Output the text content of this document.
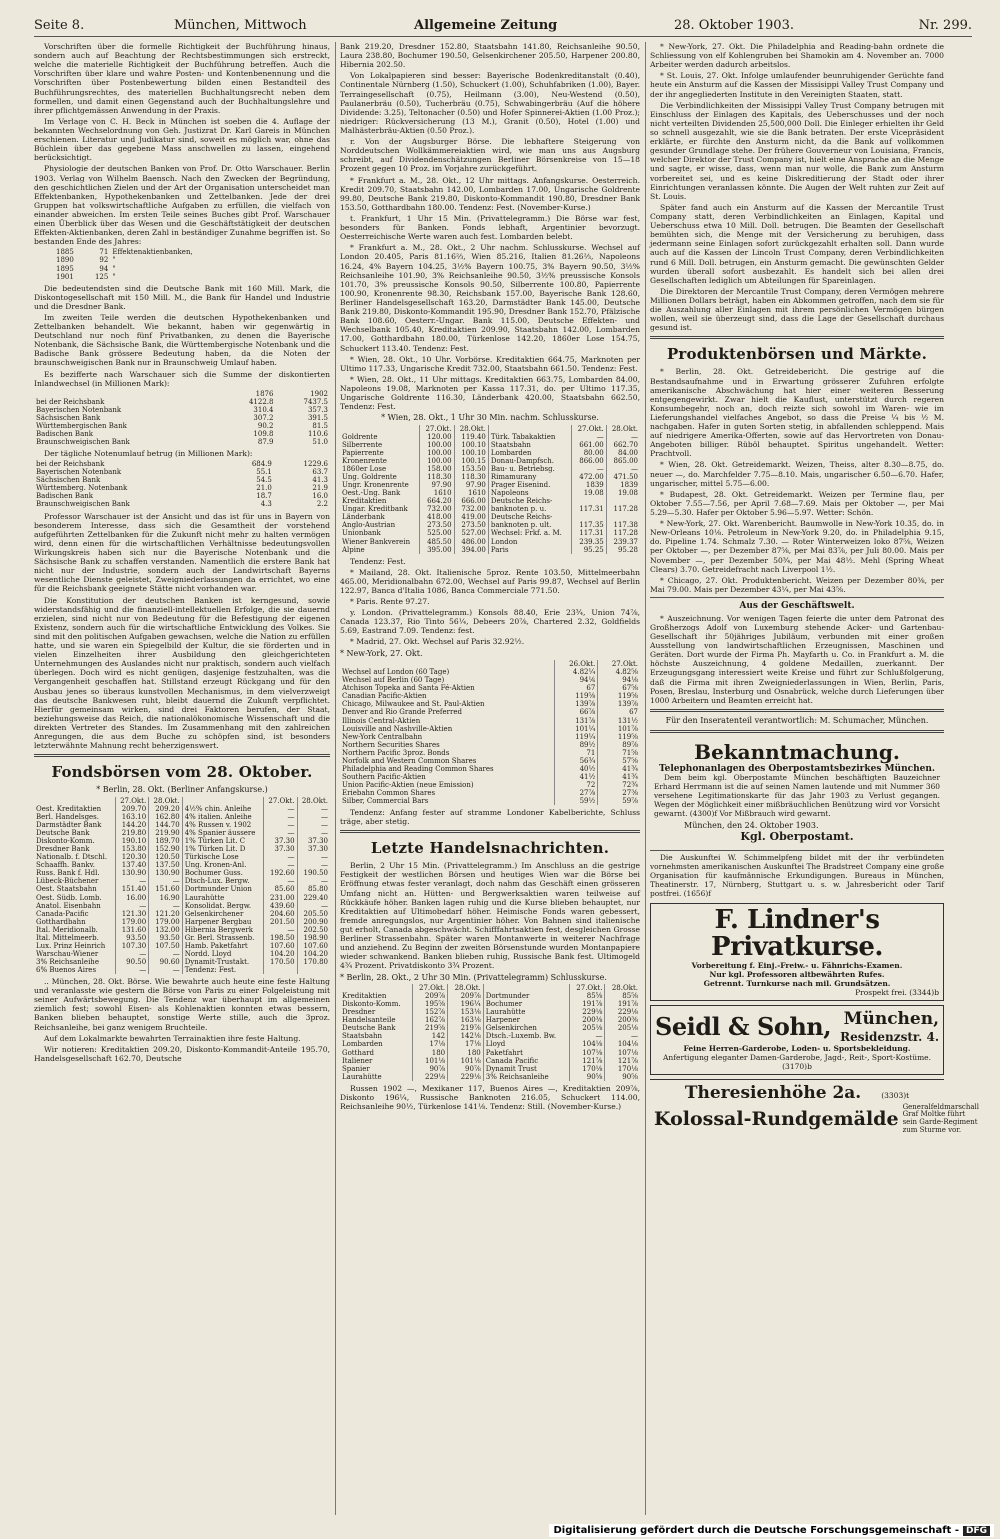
Seite 8.	München, Mittwoch	Allgemeine Zeitung	28. Oktober 1903.	Nr. 299.

Vorschriften über die formelle Richtigkeit der Buchführung hinaus, sondern auch auf Beachtung der Rechtsbestimmungen sich erstreckt, welche die materielle Richtigkeit der Buchführung betreffen. Auch die Vorschriften über klare und wahre Posten- und Kontenbenennung und die Vorschriften über Postenbewertung bilden einen Bestandteil des Buchführungsrechtes, des materiellen Buchhaltungsrecht neben dem formellen, und damit einen Gegenstand auch der Buchhaltungslehre und ihrer pflichtgemässen Anwendung in der Praxis.

Im Verlage von C. H. Beck in München ist soeben die 4. Auflage der bekannten Wechselordnung von Geh. Justizrat Dr. Karl Gareis in München erschienen. Literatur und Judikatur sind, soweit es möglich war, ohne das Büchlein über das gegebene Mass anschwellen zu lassen, eingehend berücksichtigt.

Physiologie der deutschen Banken von Prof. Dr. Otto Warschauer. Berlin 1903. Verlag von Wilhelm Baensch. Nach den Zwecken der Begründung, den geschichtlichen Zielen und der Art der Organisation unterscheidet man Effektenbanken, Hypothekenbanken und Zettelbanken. Jede der drei Gruppen hat volkswirtschaftliche Aufgaben zu erfüllen, die vielfach von einander abweichen. Im ersten Teile seines Buches gibt Prof. Warschauer einen Überblick über das Wesen und die Geschäftstätigkeit der deutschen Effekten-Aktienbanken, deren Zahl in beständiger Zunahme begriffen ist. So bestanden Ende des Jahres:

1885	71	Effektenaktienbanken,
1890	92	"
1895	94	"
1901	125	"

Die bedeutendsten sind die Deutsche Bank mit 160 Mill. Mark, die Diskontogesellschaft mit 150 Mill. M., die Bank für Handel und Industrie und die Dresdner Bank.

Im zweiten Teile werden die deutschen Hypothekenbanken und Zettelbanken behandelt. Wie bekannt, haben wir gegenwärtig in Deutschland nur noch fünf Privatbanken, zu denen die Bayerische Notenbank, die Sächsische Bank, die Württembergische Notenbank und die Badische Bank grössere Bedeutung haben, da die Noten der braunschweigischen Bank nur in Braunschweig Umlauf haben.

Es bezifferte nach Warschauer sich die Summe der diskontierten Inlandwechsel (in Millionen Mark):

	1876	1902
bei der Reichsbank	4122.8	7437.5
Bayerischen Notenbank	310.4	357.3
Sächsischen Bank	307.2	391.5
Württembergischen Bank	90.2	81.5
Badischen Bank	109.8	110.6
Braunschweigischen Bank	87.9	51.0

Der tägliche Notenumlauf betrug (in Millionen Mark):

bei der Reichsbank	684.9	1229.6
Bayerischen Notenbank	55.1	63.7
Sächsischen Bank	54.5	41.3
Württemberg. Notenbank	21.0	21.9
Badischen Bank	18.7	16.0
Braunschweigischen Bank	4.3	2.2

Professor Warschauer ist der Ansicht und das ist für uns in Bayern von besonderem Interesse, dass sich die Gesamtheit der vorstehend aufgeführten Zettelbanken für die Zukunft nicht mehr zu halten vermögen wird, denn einen für die wirtschaftlichen Verhältnisse bedeutungsvollen Wirkungskreis haben sich nur die Bayerische Notenbank und die Sächsische Bank zu schaffen verstanden. Namentlich die erstere Bank hat nicht nur der Industrie, sondern auch der Landwirtschaft Bayerns wesentliche Dienste geleistet, Zweigniederlassungen da errichtet, wo eine für die Reichsbank geeignete Stätte nicht vorhanden war.

Die Konstitution der deutschen Banken ist kerngesund, sowie widerstandsfähig und die finanziell-intellektuellen Erfolge, die sie dauernd erzielen, sind nicht nur von Bedeutung für die Befestigung der eigenen Existenz, sondern auch für die wirtschaftliche Entwicklung des Volkes. Sie sind mit den politischen Aufgaben gewachsen, welche die Nation zu erfüllen hatte, und sie waren ein Spiegelbild der Kultur, die sie förderten und in vielen Einzelheiten ihrer Ausbildung den gleichgerichteten Unternehmungen des Auslandes nicht nur praktisch, sondern auch vielfach überlegen. Doch wird es nicht genügen, dasjenige festzuhalten, was die Vergangenheit geschaffen hat. Stillstand erzeugt Rückgang und für den Ausbau jenes so überaus kunstvollen Mechanismus, in dem vielverzweigt das deutsche Bankwesen ruht, bleibt dauernd die Zukunft verpflichtet. Hierfür gemeinsam wirken, sind drei Faktoren berufen, der Staat, beziehungsweise das Reich, die nationalökonomische Wissenschaft und die direkten Vertreter des Standes. Im Zusammenhang mit den zahlreichen Anregungen, die aus dem Buche zu schöpfen sind, ist besonders letzterwähnte Mahnung recht beherzigenswert.

Fondsbörsen vom 28. Oktober.
* Berlin, 28. Okt. (Berliner Anfangskurse.)
	27.Okt.	28.Okt.		27.Okt.	28.Okt.
Oest. Kreditaktien	209.70	209.20	4½% chin. Anleihe	—	—
Berl. Handelsges.	163.10	162.80	4% italien. Anleihe	—	—
Darmstädter Bank	144.20	144.70	4% Russen v. 1902	—	—
Deutsche Bank	219.80	219.90	4% Spanier äussere	—	—
Diskonto-Komm.	190.10	189.70	1% Türken Lit. C	37.30	37.30
Dresdner Bank	153.80	152.90	1% Türken Lit. D	37.30	37.30
Nationalb. f. Dtschl.	120.30	120.50	Türkische Lose	—	—
Schaaffh. Bankv.	137.40	137.50	Ung. Kronen-Anl.	—	—
Russ. Bank f. Hdl.	130.90	130.90	Bochumer Guss.	192.60	190.50
Lübeck-Büchener	—	—	Dtsch-Lux. Bergw.	—	—
Oest. Staatsbahn	151.40	151.60	Dortmunder Union	85.60	85.80
Oest. Südb. Lomb.	16.00	16.90	Laurahütte	231.00	229.40
Anatol. Eisenbahn	—	—	Konsolidat. Bergw.	439.60	—
Canada-Pacific	121.30	121.20	Gelsenkirchener	204.60	205.50
Gotthardbahn	179.00	179.00	Harpener Bergbau	201.50	200.90
Ital. Meridionalb.	131.60	132.00	Hibernia Bergwerk	—	202.50
Ital. Mittelmeerb.	93.50	93.50	Gr. Berl. Strassenb.	198.50	198.90
Lux. Prinz Heinrich	107.30	107.50	Hamb. Paketfahrt	107.60	107.60
Warschau-Wiener	—	—	Nordd. Lloyd	104.20	104.20
3% Reichsanleihe	90.50	90.60	Dynamit-Trustakt.	170.50	170.80
6% Buenos Aires	—	—	Tendenz: Fest.		

.. München, 28. Okt. Börse. Wie bewahrte auch heute eine feste Haltung und veranlasste wie gestern die Börse von Paris zu einer Folgeleistung mit seiner Aufwärtsbewegung. Die Tendenz war überhaupt im allgemeinen ziemlich fest; sowohl Eisen- als Kohlenaktien konnten etwas bessern, Banken blieben behauptet, sonstige Werte stille, auch die 3proz. Reichsanleihe, bei ganz wenigem Bruchteile.

Auf dem Lokalmarkte bewahrten Terrainaktien ihre feste Haltung.

Wir notieren: Kreditaktien 209.20, Diskonto-Kommandit-Anteile 195.70, Handelsgesellschaft 162.70, Deutsche

Bank 219.20, Dresdner 152.80, Staatsbahn 141.80, Reichsanleihe 90.50, Laura 238.80, Bochumer 190.50, Gelsenkirchener 205.50, Harpener 200.80, Hibernia 202.50.

Von Lokalpapieren sind besser: Bayerische Bodenkreditanstalt (0.40), Continentale Nürnberg (1.50), Schuckert (1.00), Schuhfabriken (1.00), Bayer. Terraingesellschaft (0.75), Heilmann (3.00), Neu-Westend (0.50), Paulanerbräu (0.50), Tucherbräu (0.75), Schwabingerbräu (Auf die höhere Dividende: 3.25), Teltonacher (0.50) und Hofer Spinnerei-Aktien (1.00 Proz.); niedriger: Rückversicherung (13 M.), Granit (0.50), Hotel (1.00) und Malhästerbräu-Aktien (0.50 Proz.).

r. Von der Augsburger Börse. Die lebhaftere Steigerung von Norddeutschen Wollkämmereiaktien wird, wie man uns aus Augsburg schreibt, auf Dividendenschätzungen Berliner Börsenkreise von 15—18 Prozent gegen 10 Proz. im Vorjahre zurückgeführt.

* Frankfurt a. M., 28. Okt., 12 Uhr mittags. Anfangskurse. Oesterreich. Kredit 209.70, Staatsbahn 142.00, Lombarden 17.00, Ungarische Goldrente 99.80, Deutsche Bank 219.80, Diskonto-Kommandit 190.80, Dresdner Bank 153.50, Gotthardbahn 180.00. Tendenz: Fest. (November-Kurse.)

t. Frankfurt, 1 Uhr 15 Min. (Privattelegramm.) Die Börse war fest, besonders für Banken. Fonds lebhaft, Argentinier bevorzugt. Oesterreichische Werte waren auch fest. Lombarden belebt.

* Frankfurt a. M., 28. Okt., 2 Uhr nachm. Schlusskurse. Wechsel auf London 20.405, Paris 81.16⅔, Wien 85.216, Italien 81.26⅔, Napoleons 16.24, 4% Bayern 104.25, 3½% Bayern 100.75, 3% Bayern 90.50, 3½% Reichsanleihe 101.90, 3% Reichsanleihe 90.50, 3½% preussische Konsols 101.70, 3% preussische Konsols 90.50, Silberrente 100.80, Papierrente 100.90, Kronenrente 98.30, Reichsbank 157.00, Bayerische Bank 128.60, Berliner Handelsgesellschaft 163.20, Darmstädter Bank 145.00, Deutsche Bank 219.80, Diskonto-Kommandit 195.90, Dresdner Bank 152.70, Pfälzische Bank 108.60, Oesterr.-Ungar. Bank 115.00, Deutsche Effekten- und Wechselbank 105.40, Kreditaktien 209.90, Staatsbahn 142.00, Lombarden 17.00, Gotthardbahn 180.00, Türkenlose 142.20, 1860er Lose 154.75, Schuckert 113.40. Tendenz: Fest.

* Wien, 28. Okt., 10 Uhr. Vorbörse. Kreditaktien 664.75, Marknoten per Ultimo 117.33, Ungarische Kredit 732.00, Staatsbahn 661.50. Tendenz: Fest.

* Wien, 28. Okt., 11 Uhr mittags. Kreditaktien 663.75, Lombarden 84.00, Napoleons 19.08, Marknoten per Kassa 117.31, do. per Ultimo 117.35, Ungarische Goldrente 116.30, Länderbank 420.00, Staatsbahn 662.50, Tendenz: Fest.

* Wien, 28. Okt., 1 Uhr 30 Min. nachm. Schlusskurse.
	27.Okt.	28.Okt.		27.Okt.	28.Okt.
Goldrente	120.00	119.40	Türk. Tabakaktien	—	—
Silberrente	100.00	100.10	Staatsbahn	661.00	662.70
Papierrente	100.00	100.10	Lombarden	80.00	84.00
Kronenrente	100.00	100.15	Donau-Dampfsch.	866.00	865.00
1860er Lose	158.00	153.50	Bau- u. Betriebsg.	—	—
Ung. Goldrente	118.30	118.30	Rimamurany	472.00	471.50
Ungr. Kronenrente	97.90	97.90	Prager Eisenind.	1839	1839
Oest.-Ung. Bank	1610	1610	Napoleons	19.08	19.08
Kreditaktien	664.20	666.00	Deutsche Reichs-		
Ungar. Kreditbank	732.00	732.00	banknoten p. u.	117.31	117.28
Länderbank	418.00	419.00	Deutsche Reichs-		
Anglo-Austrian	273.50	273.50	banknoten p. ult.	117.35	117.38
Unionbank	525.00	527.00	Wechsel: Frkf. a. M.	117.31	117.28
Wiener Bankverein	485.50	486.00	London	239.35	239.37
Alpine	395.00	394.00	Paris	95.25	95.28

Tendenz: Fest.

* Mailand, 28. Okt. Italienische 5proz. Rente 103.50, Mittelmeerbahn 465.00, Meridionalbahn 672.00, Wechsel auf Paris 99.87, Wechsel auf Berlin 122.97, Banca d'Italia 1086, Banca Commerciale 771.50.

* Paris. Rente 97.27.

y. London. (Privattelegramm.) Konsols 88.40, Erie 23¾, Union 74⅞, Canada 123.37, Rio Tinto 56¼, Debeers 20⅞, Chartered 2.32, Goldfields 5.69, Eastrand 7.09. Tendenz: fest.

* Madrid, 27. Okt. Wechsel auf Paris 32.92½.

* New-York, 27. Okt.
	26.Okt.	27.Okt.
Wechsel auf London (60 Tage)	4.82¼	4.82⅝
Wechsel auf Berlin (60 Tage)	94⅙	94⅛
Atchison Topeka and Santa Fé-Aktien	67	67⅝
Canadian Pacific-Aktien	119⅝	119⅝
Chicago, Milwaukee and St. Paul-Aktien	139⅞	139⅞
Denver and Rio Grande Preferred	66⅞	67
Illinois Central-Aktien	131⅞	131½
Louisville and Nashville-Aktien	101¼	101⅞
New-York Centralbahn	119¼	119⅝
Northern Securities Shares	89½	89⅞
Northern Pacific 3proz. Bonds	71	71⅝
Norfolk and Western Common Shares	56¾	57⅝
Philadelphia and Reading Common Shares	40½	41¾
Southern Pacific-Aktien	41½	41¾
Union Pacific-Aktien (neue Emission)	72	72¾
Eriebahn Common Shares	27⅞	27⅜
Silber, Commercial Bars	59½	59⅞

Tendenz: Anfang fester auf stramme Londoner Kabelberichte, Schluss träge, aber stetig.

Letzte Handelsnachrichten.

Berlin, 2 Uhr 15 Min. (Privattelegramm.) Im Anschluss an die gestrige Festigkeit der westlichen Börsen und heutiges Wien war die Börse bei Eröffnung etwas fester veranlagt, doch nahm das Geschäft einen grösseren Umfang nicht an. Hütten- und Bergwerksaktien waren teilweise auf Rückkäufe höher. Banken lagen ruhig und die Kurse blieben behauptet, nur Kreditaktien auf Ultimobedarf höher. Heimische Fonds waren gebessert, fremde anregungslos, nur Argentinier höher. Von Bahnen sind italienische gut erholt, Canada abgeschwächt. Schifffahrtsaktien fest, desgleichen Grosse Berliner Strassenbahn. Später waren Montanwerte in weiterer Nachfrage und anziehend. Zu Beginn der zweiten Börsenstunde wurden Montanpapiere wieder schwankend. Banken blieben ruhig, Russische Bank fest. Ultimogeld 4¾ Prozent. Privatdiskonto 3¾ Prozent.

* Berlin, 28. Okt., 2 Uhr 30 Min. (Privattelegramm) Schlusskurse.
	27.Okt.	28.Okt.		27.Okt.	28.Okt.
Kreditaktien	209⅞	209⅞	Dortmunder	85⅝	85⅝
Diskonto-Komm.	195⅝	196¼	Bochumer	191⅞	191⅞
Dresdner	152⅞	153⅛	Laurahütte	229⅛	229⅛
Handelsanteile	162⅞	163⅛	Harpener	200⅜	200⅜
Deutsche Bank	219⅝	219⅞	Gelsenkirchen	205⅛	205⅛
Staatsbahn	142	142⅛	Dtsch.-Luxemb. Bw.	—	—
Lombarden	17⅛	17⅛	Lloyd	104⅛	104⅛
Gotthard	180	180	Paketfahrt	107⅛	107⅛
Italiener	101⅛	101⅛	Canada Pacific	121⅞	121⅞
Spanier	90⅞	90⅞	Dynamit Trust	170⅛	170⅛
Laurahütte	229⅛	229⅛	3% Reichsanleihe	90⅝	90⅝

Russen 1902 —, Mexikaner 117, Buenos Aires —, Kreditaktien 209⅞, Diskonto 196¼, Russische Banknoten 216.05, Schuckert 114.00, Reichsanleihe 90½, Türkenlose 141⅛. Tendenz: Still. (November-Kurse.)

* New-York, 27. Okt. Die Philadelphia and Reading-bahn ordnete die Schliessung von elf Kohlengruben bei Shamokin am 4. November an. 7000 Arbeiter werden dadurch arbeitslos.

* St. Louis, 27. Okt. Infolge umlaufender beunruhigender Gerüchte fand heute ein Ansturm auf die Kassen der Missisippi Valley Trust Company und der ihr angegliederten Institute in den Vereinigten Staaten, statt.

Die Verbindlichkeiten der Missisippi Valley Trust Company betrugen mit Einschluss der Einlagen des Kapitals, des Ueberschusses und der noch nicht verteilten Dividenden 25,500,000 Doll. Die Einleger erhielten ihr Geld so schnell ausgezahlt, wie sie die Bank betraten. Der erste Vicepräsident erklärte, er fürchte den Ansturm nicht, da die Bank auf vollkommen gesunder Grundlage stehe. Der frühere Gouverneur von Louisiana, Francis, welcher Direktor der Trust Company ist, hielt eine Ansprache an die Menge und sagte, er wisse, dass, wenn man nur wolle, die Bank zum Ansturm vorbereitet sei, und es keine Diskreditierung der Stadt oder ihrer Einrichtungen veranlassen könnte. Die Augen der Welt ruhten zur Zeit auf St. Louis.

Später fand auch ein Ansturm auf die Kassen der Mercantile Trust Company statt, deren Verbindlichkeiten an Einlagen, Kapital und Ueberschuss etwa 10 Mill. Doll. betrugen. Die Beamten der Gesellschaft bemühten sich, die Menge mit der Versicherung zu beruhigen, dass jedermann seine Einlagen sofort zurückgezahlt erhalten soll. Dann wurde auch auf die Kassen der Lincoln Trust Company, deren Verbindlichkeiten rund 6 Mill. Doll. betrugen, ein Ansturm gemacht. Die gewünschten Gelder wurden überall sofort ausbezahlt. Es handelt sich bei allen drei Gesellschaften lediglich um Abteilungen für Spareinlagen.

Die Direktoren der Mercantile Trust Company, deren Vermögen mehrere Millionen Dollars beträgt, haben ein Abkommen getroffen, nach dem sie für die Auszahlung aller Einlagen mit ihrem persönlichen Vermögen bürgen wollen, weil sie überzeugt sind, dass die Lage der Gesellschaft durchaus gesund ist.

Produktenbörsen und Märkte.

* Berlin, 28. Okt. Getreidebericht. Die gestrige auf die Bestandsaufnahme und in Erwartung grösserer Zufuhren erfolgte amerikanische Abschwächung hat hier einer weiteren Besserung entgegengewirkt. Zwar hielt die Kauflust, unterstützt durch regeren Konsumbegehr, noch an, doch reizte sich sowohl im Waren- wie im Lieferungshandel vielfaches Angebot, so dass die Preise ¼ bis ½ M. nachgaben. Hafer in guten Sorten stetig, in abfallenden schleppend. Mais auf niedrigere Amerika-Offerten, sowie auf das Hervortreten von Donau-Angeboten billiger. Rüböl behauptet. Spiritus ungehandelt. Wetter: Prachtvoll.

* Wien, 28. Okt. Getreidemarkt. Weizen, Theiss, alter 8.30—8.75, do. neuer —, do. Marchfelder 7.75—8.10. Mais, ungarischer 6.50—6.70. Hafer, ungarischer, mittel 5.75—6.00.

* Budapest, 28. Okt. Getreidemarkt. Weizen per Termine flau, per Oktober 7.55—7.56, per April 7.68—7.69. Mais per Oktober —, per Mai 5.29—5.30. Hafer per Oktober 5.96—5.97. Wetter: Schön.

* New-York, 27. Okt. Warenbericht. Baumwolle in New-York 10.35, do. in New-Orleans 10⅛. Petroleum in New-York 9.20, do. in Philadelphia 9.15, do. Pipeline 1.74. Schmalz 7.30. — Roter Winterweizen loko 87⅝, Weizen per Oktober —, per Dezember 87⅝, per Mai 83⅞, per Juli 80.00. Mais per November —, per Dezember 50¾, per Mai 48½. Mehl (Spring Wheat Clears) 3.70. Getreidefracht nach Liverpool 1½.

* Chicago, 27. Okt. Produktenbericht. Weizen per Dezember 80⅜, per Mai 79.00. Mais per Dezember 43¼, per Mai 43⅝.

Aus der Geschäftswelt.

* Auszeichnung. Vor wenigen Tagen feierte die unter dem Patronat des Großherzogs Adolf von Luxemburg stehende Acker- und Gartenbau-Gesellschaft ihr 50jähriges Jubiläum, verbunden mit einer großen Ausstellung von landwirtschaftlichen Erzeugnissen, Maschinen und Geräten. Dort wurde der Firma Ph. Mayfarth u. Co. in Frankfurt a. M. die höchste Auszeichnung, 4 goldene Medaillen, zuerkannt. Der Erzeugungsgang interessiert weite Kreise und führt zur Schlußfolgerung, daß die Firma mit ihren Zweigniederlassungen in Wien, Berlin, Paris, Posen, Breslau, Insterburg und Osnabrück, welche durch Lieferungen über 1000 Arbeitern und Beamten erreicht hat.

Für den Inseratenteil verantwortlich: M. Schumacher, München.
Bekanntmachung.
Telephonanlagen des Oberpostamtsbezirkes München.

Dem beim kgl. Oberpostamte München beschäftigten Bauzeichner Erhard Herrmann ist die auf seinen Namen lautende und mit Nummer 360 versehene Legitimationskarte für das Jahr 1903 zu Verlust gegangen. Wegen der Möglichkeit einer mißbräuchlichen Benützung wird vor Vorsicht gewarnt. (4300)f Vor Mißbrauch wird gewarnt.

München, den 24. Oktober 1903.
Kgl. Oberpostamt.

Die Auskunftei W. Schimmelpfeng bildet mit der ihr verbündeten vornehmsten amerikanischen Auskunftei The Bradstreet Company eine große Organisation für kaufmännische Erkundigungen. Bureaus in München, Theatinerstr. 17, Nürnberg, Stuttgart u. s. w. Jahresbericht oder Tarif postfrei. (1656)f

F. Lindner's Privatkurse.
Vorbereitung f. Einj.-Freiw.- u. Fähnrichs-Examen.
Nur kgl. Professoren altbewährten Rufes.
Getrennt. Turnkurse nach mil. Grundsätzen.
Prospekt frei. (3344)b
Seidl & Sohn, München,
Residenzstr. 4.
Feine Herren-Garderobe, Loden- u. Sportsbekleidung.
Anfertigung eleganter Damen-Garderobe, Jagd-, Reit-, Sport-Kostüme. (3170)b
Theresienhöhe 2a.	(3303)t
Kolossal-Rundgemälde
Generalfeldmarschall Graf Moltke führt sein Garde-Regiment zum Sturme vor.
Digitalisierung gefördert durch die Deutsche Forschungsgemeinschaft - DFG
